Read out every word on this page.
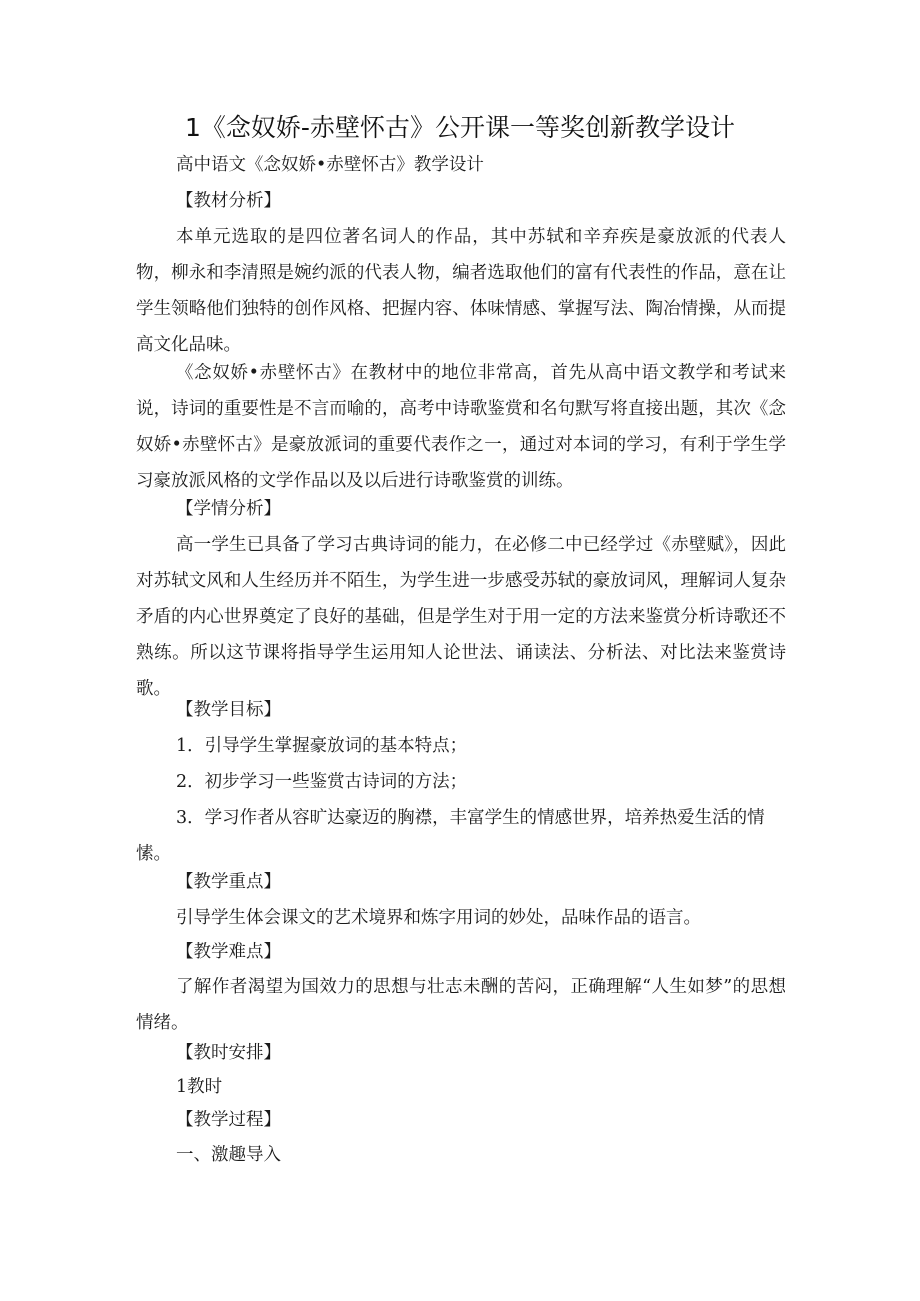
1《念奴娇-赤壁怀古》公开课一等奖创新教学设计

高中语文《念奴娇•赤壁怀古》教学设计

【教材分析】

本单元选取的是四位著名词人的作品，其中苏轼和辛弃疾是豪放派的代表人物，柳永和李清照是婉约派的代表人物，编者选取他们的富有代表性的作品，意在让学生领略他们独特的创作风格、把握内容、体味情感、掌握写法、陶冶情操，从而提高文化品味。

《念奴娇•赤壁怀古》在教材中的地位非常高，首先从高中语文教学和考试来说，诗词的重要性是不言而喻的，高考中诗歌鉴赏和名句默写将直接出题，其次《念奴娇•赤壁怀古》是豪放派词的重要代表作之一，通过对本词的学习，有利于学生学习豪放派风格的文学作品以及以后进行诗歌鉴赏的训练。

【学情分析】

高一学生已具备了学习古典诗词的能力，在必修二中已经学过《赤壁赋》，因此对苏轼文风和人生经历并不陌生，为学生进一步感受苏轼的豪放词风，理解词人复杂矛盾的内心世界奠定了良好的基础，但是学生对于用一定的方法来鉴赏分析诗歌还不熟练。所以这节课将指导学生运用知人论世法、诵读法、分析法、对比法来鉴赏诗歌。

【教学目标】

1．引导学生掌握豪放词的基本特点；

2．初步学习一些鉴赏古诗词的方法；

3．学习作者从容旷达豪迈的胸襟，丰富学生的情感世界，培养热爱生活的情愫。

【教学重点】

引导学生体会课文的艺术境界和炼字用词的妙处，品味作品的语言。

【教学难点】

了解作者渴望为国效力的思想与壮志未酬的苦闷，正确理解“人生如梦”的思想情绪。

【教时安排】

1教时

【教学过程】

一、激趣导入
